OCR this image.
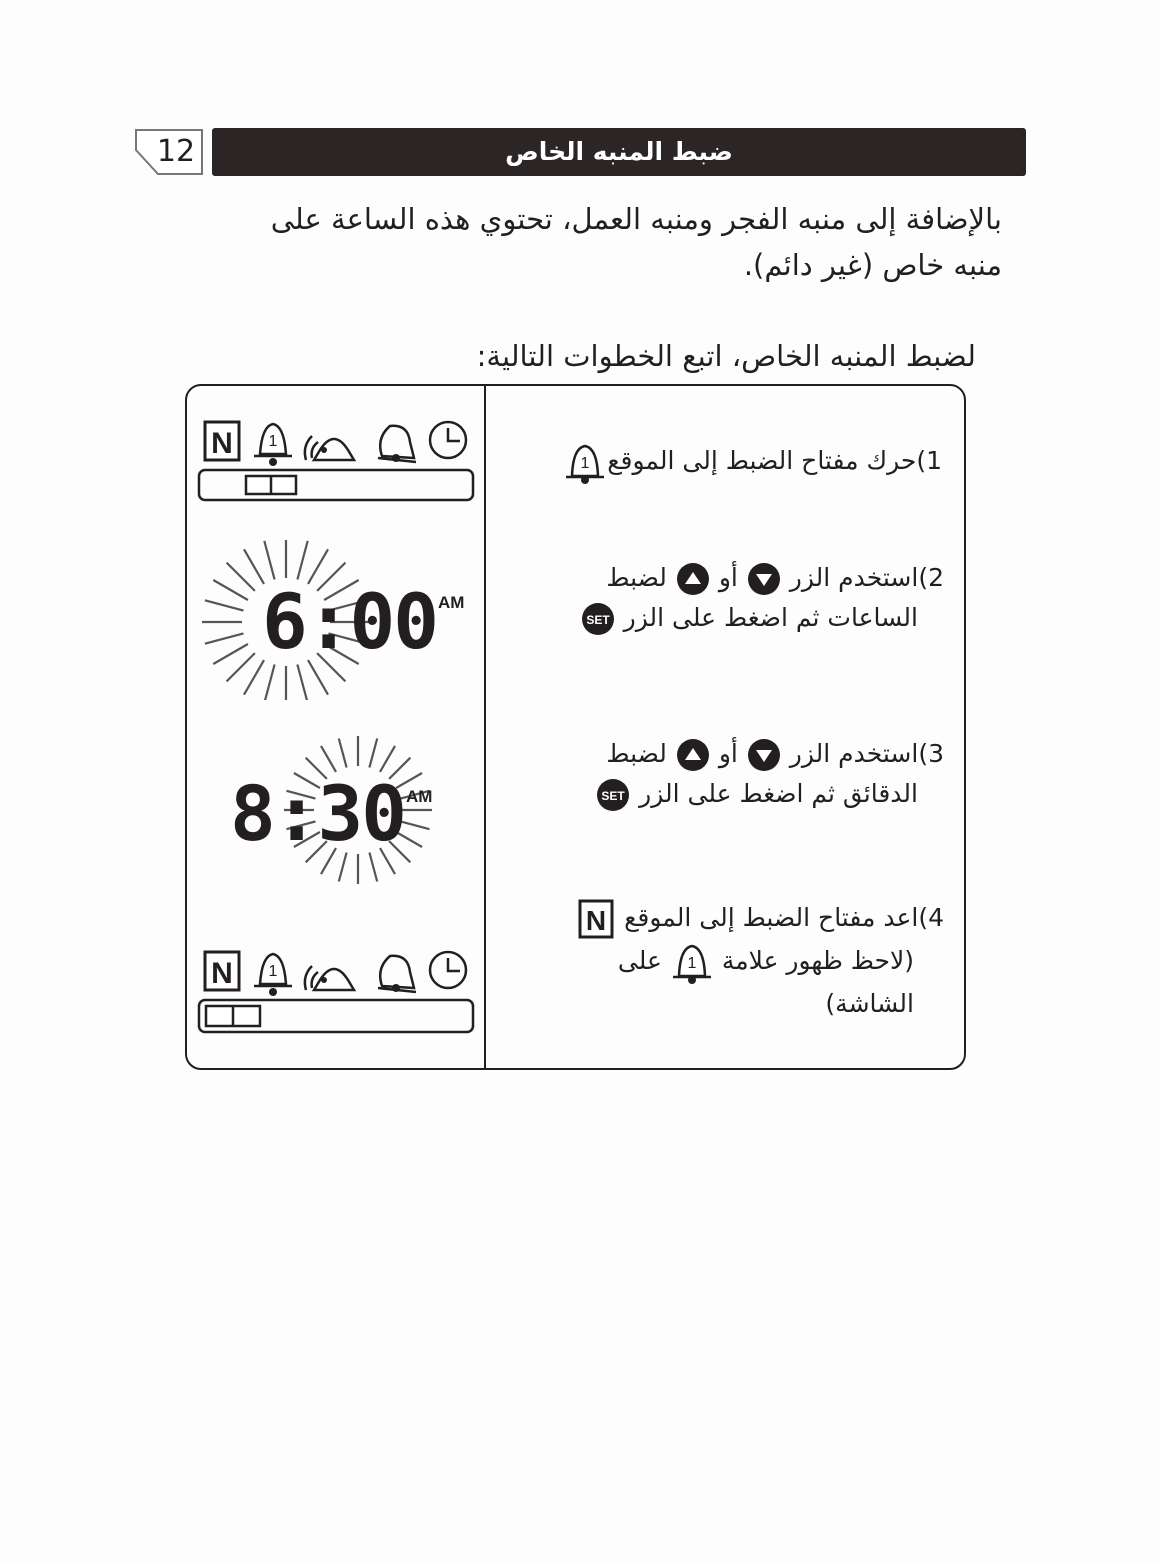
12	ضبط المنبه الخاص
بالإضافة إلى منبه الفجر ومنبه العمل، تحتوي هذه الساعة على
منبه خاص (غير دائم).
لضبط المنبه الخاص، اتبع الخطوات التالية:
N 1
6:00 AM
8:30 AM
N 1
1)حرك مفتاح الضبط إلى الموقع
1
2)استخدم الزر  أو  لضبط
الساعات ثم اضغط على الزر
SET
3)استخدم الزر  أو  لضبط
الدقائق ثم اضغط على الزر
SET
4)اعد مفتاح الضبط إلى الموقع
N
(لاحظ ظهور علامة
1
على
الشاشة)
